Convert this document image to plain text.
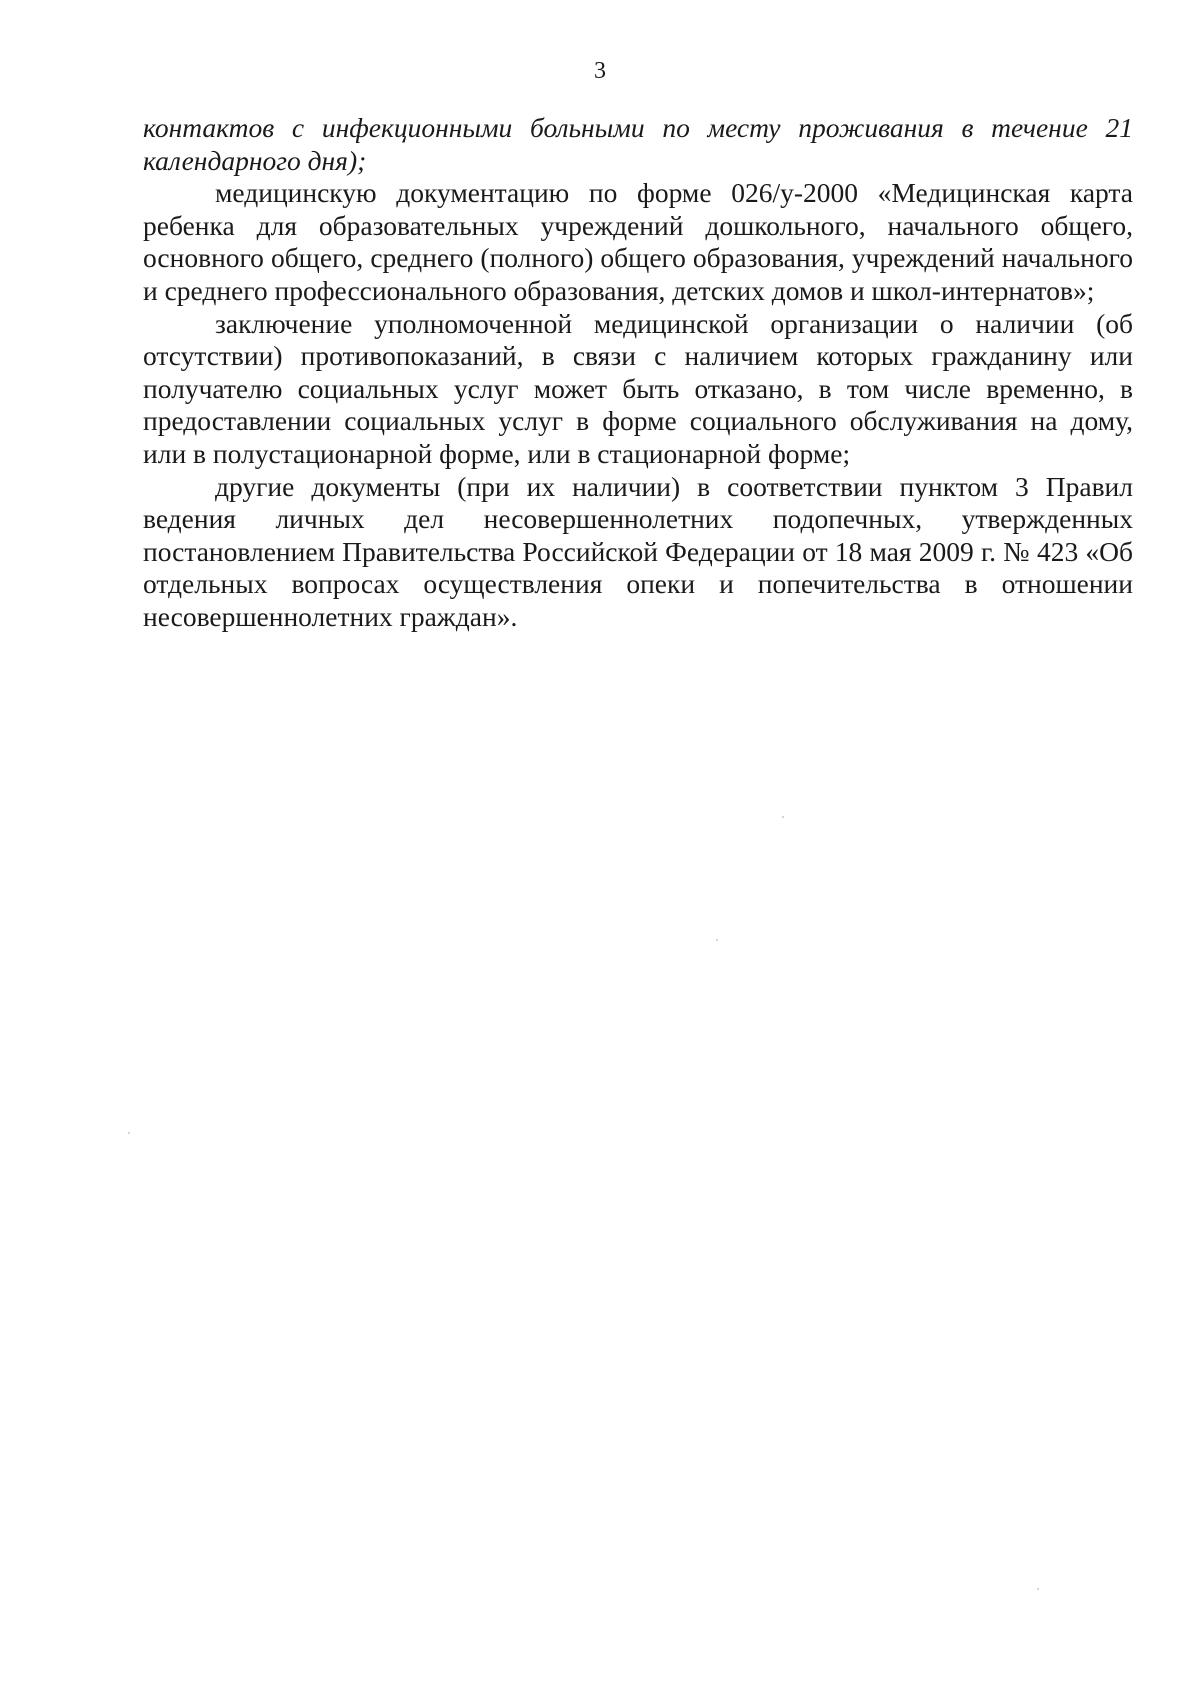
3

контактов с инфекционными больными по месту проживания в течение 21 календарного дня);

медицинскую документацию по форме 026/у-2000 «Медицинская карта ребенка для образовательных учреждений дошкольного, начального общего, основного общего, среднего (полного) общего образования, учреждений начального и среднего профессионального образования, детских домов и школ-интернатов»;

заключение уполномоченной медицинской организации о наличии (об отсутствии) противопоказаний, в связи с наличием которых гражданину или получателю социальных услуг может быть отказано, в том числе временно, в предоставлении социальных услуг в форме социального обслуживания на дому, или в полустационарной форме, или в стационарной форме;

другие документы (при их наличии) в соответствии пунктом 3 Правил ведения личных дел несовершеннолетних подопечных, утвержденных постановлением Правительства Российской Федерации от 18 мая 2009 г. № 423 «Об отдельных вопросах осуществления опеки и попечительства в отношении несовершеннолетних граждан».
